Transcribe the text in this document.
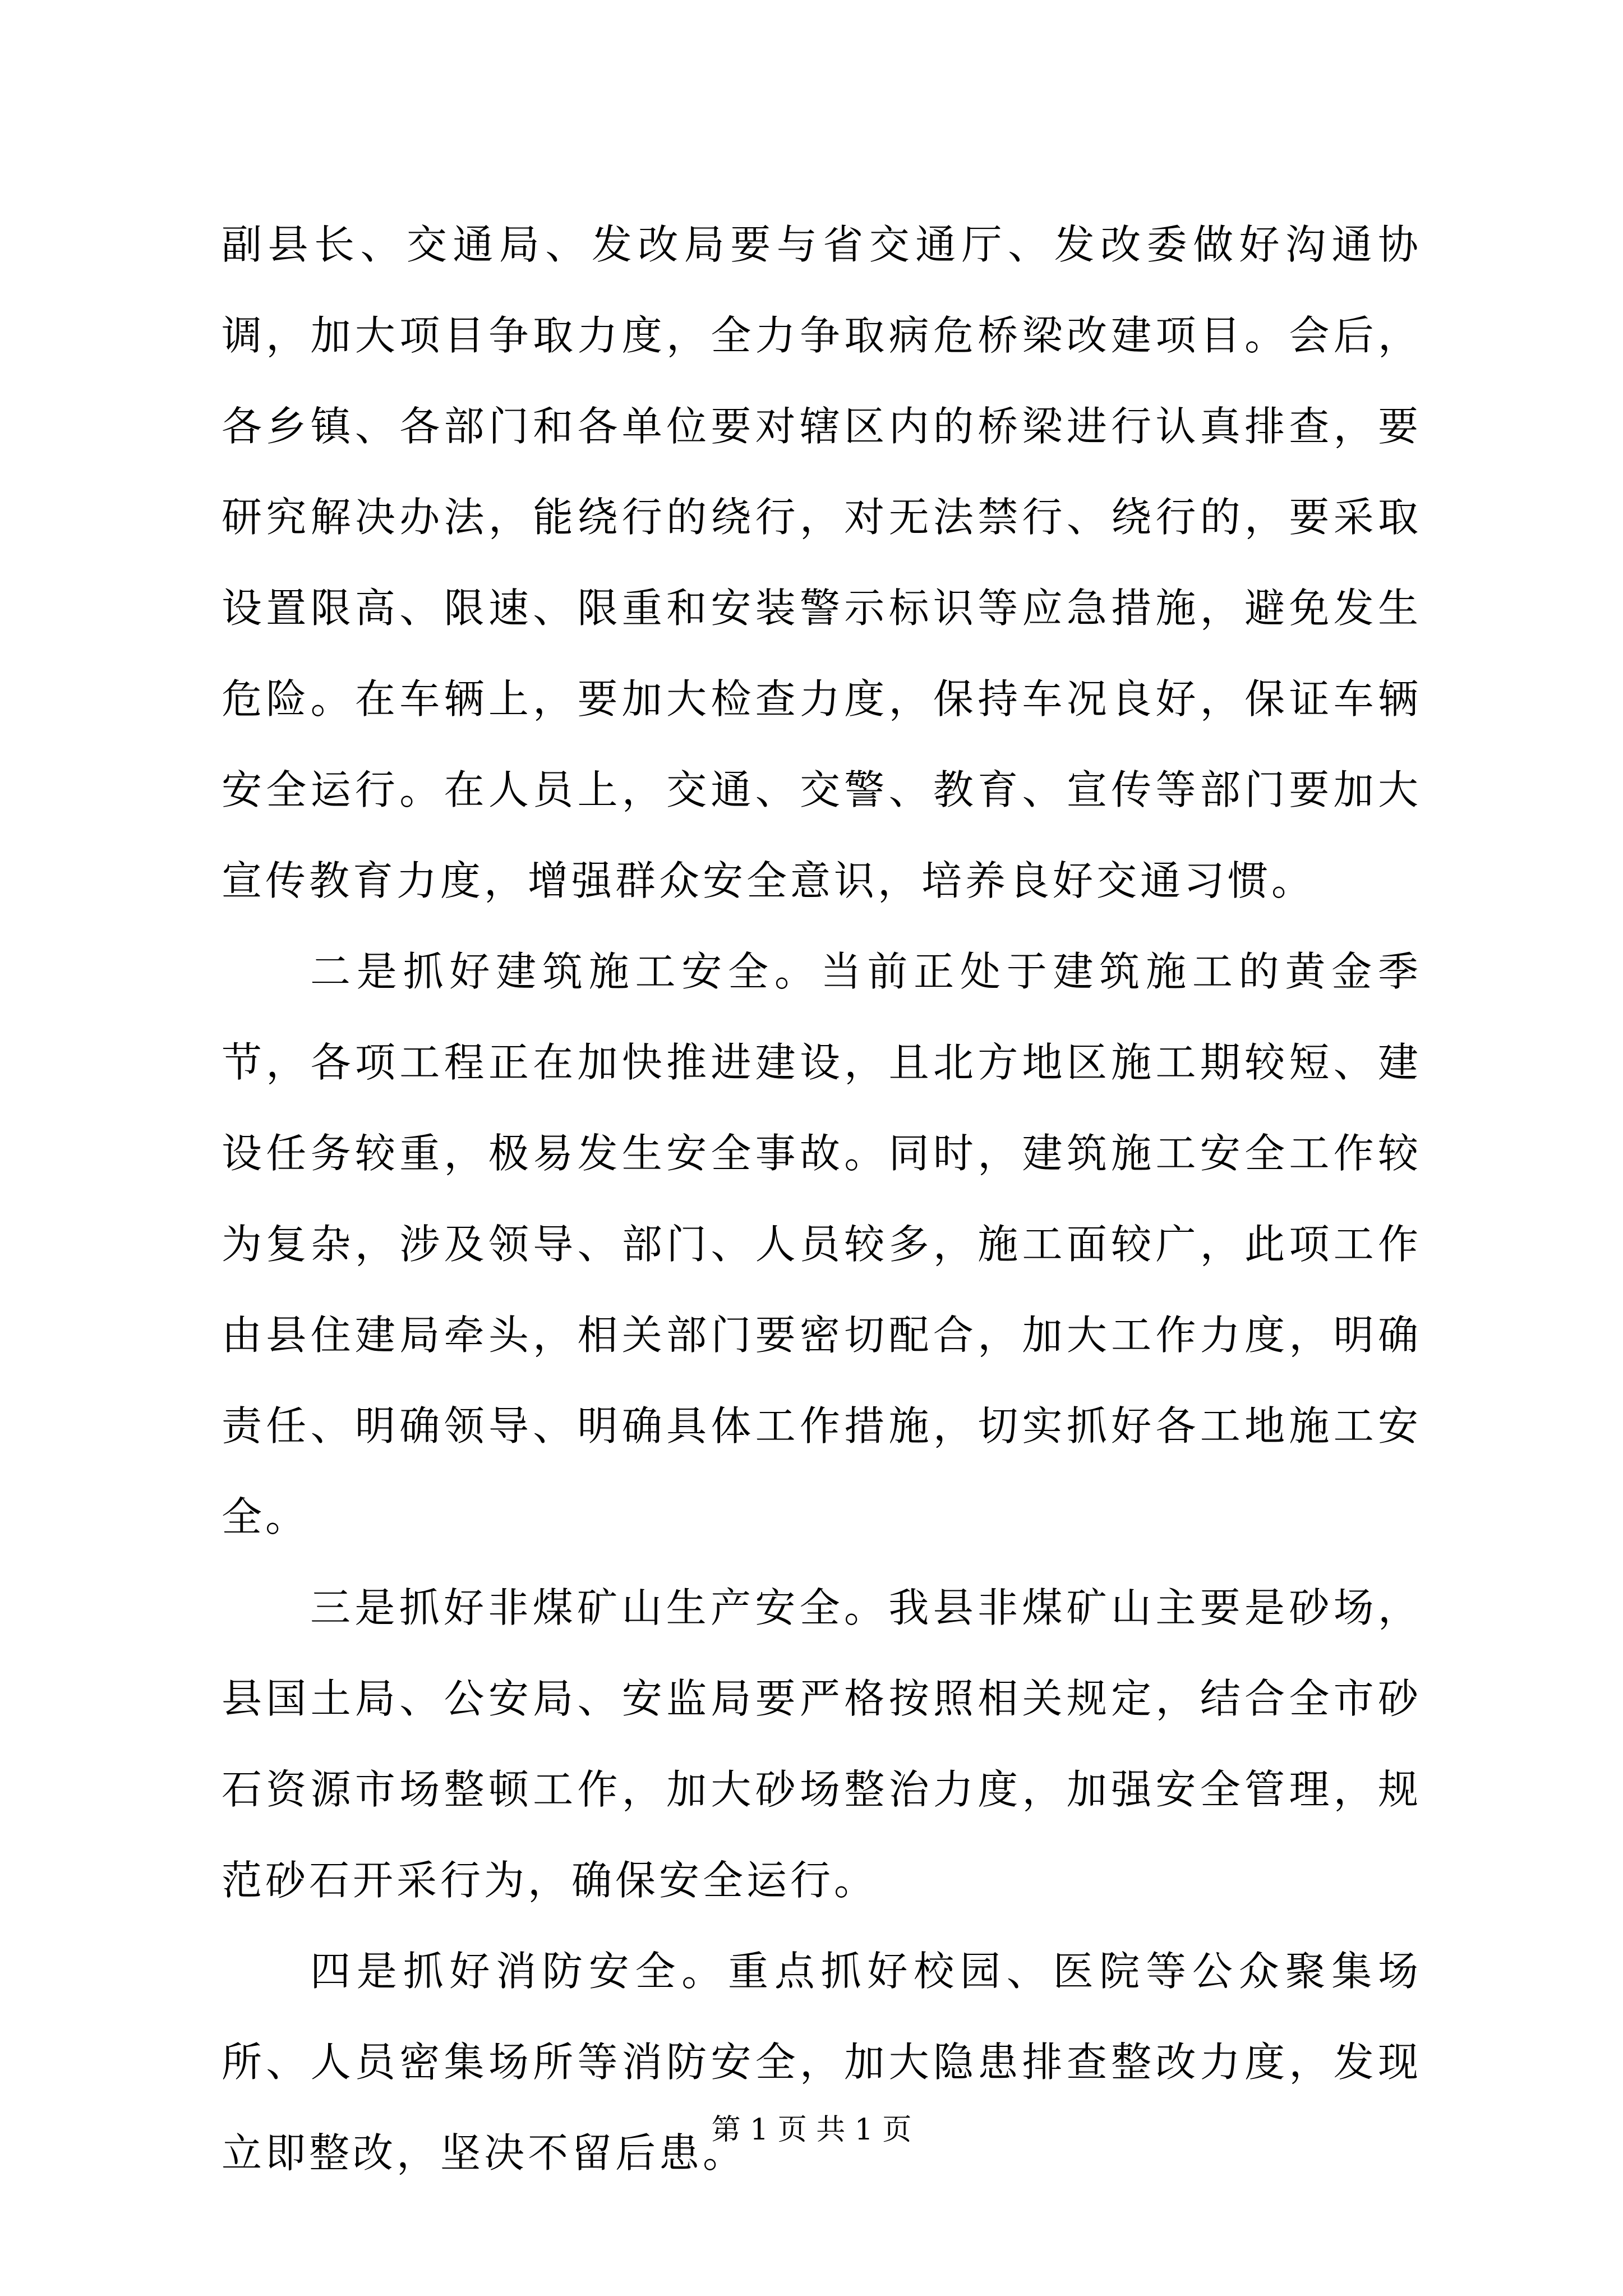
副县长、交通局、发改局要与省交通厅、发改委做好沟通协调，加大项目争取力度，全力争取病危桥梁改建项目。会后，各乡镇、各部门和各单位要对辖区内的桥梁进行认真排查，要研究解决办法，能绕行的绕行，对无法禁行、绕行的，要采取设置限高、限速、限重和安装警示标识等应急措施，避免发生危险。在车辆上，要加大检查力度，保持车况良好，保证车辆安全运行。在人员上，交通、交警、教育、宣传等部门要加大宣传教育力度，增强群众安全意识，培养良好交通习惯。

二是抓好建筑施工安全。当前正处于建筑施工的黄金季节，各项工程正在加快推进建设，且北方地区施工期较短、建设任务较重，极易发生安全事故。同时，建筑施工安全工作较为复杂，涉及领导、部门、人员较多，施工面较广，此项工作由县住建局牵头，相关部门要密切配合，加大工作力度，明确责任、明确领导、明确具体工作措施，切实抓好各工地施工安全。

三是抓好非煤矿山生产安全。我县非煤矿山主要是砂场，县国土局、公安局、安监局要严格按照相关规定，结合全市砂石资源市场整顿工作，加大砂场整治力度，加强安全管理，规范砂石开采行为，确保安全运行。

四是抓好消防安全。重点抓好校园、医院等公众聚集场所、人员密集场所等消防安全，加大隐患排查整改力度，发现立即整改，坚决不留后患。

第 1 页 共 1 页
